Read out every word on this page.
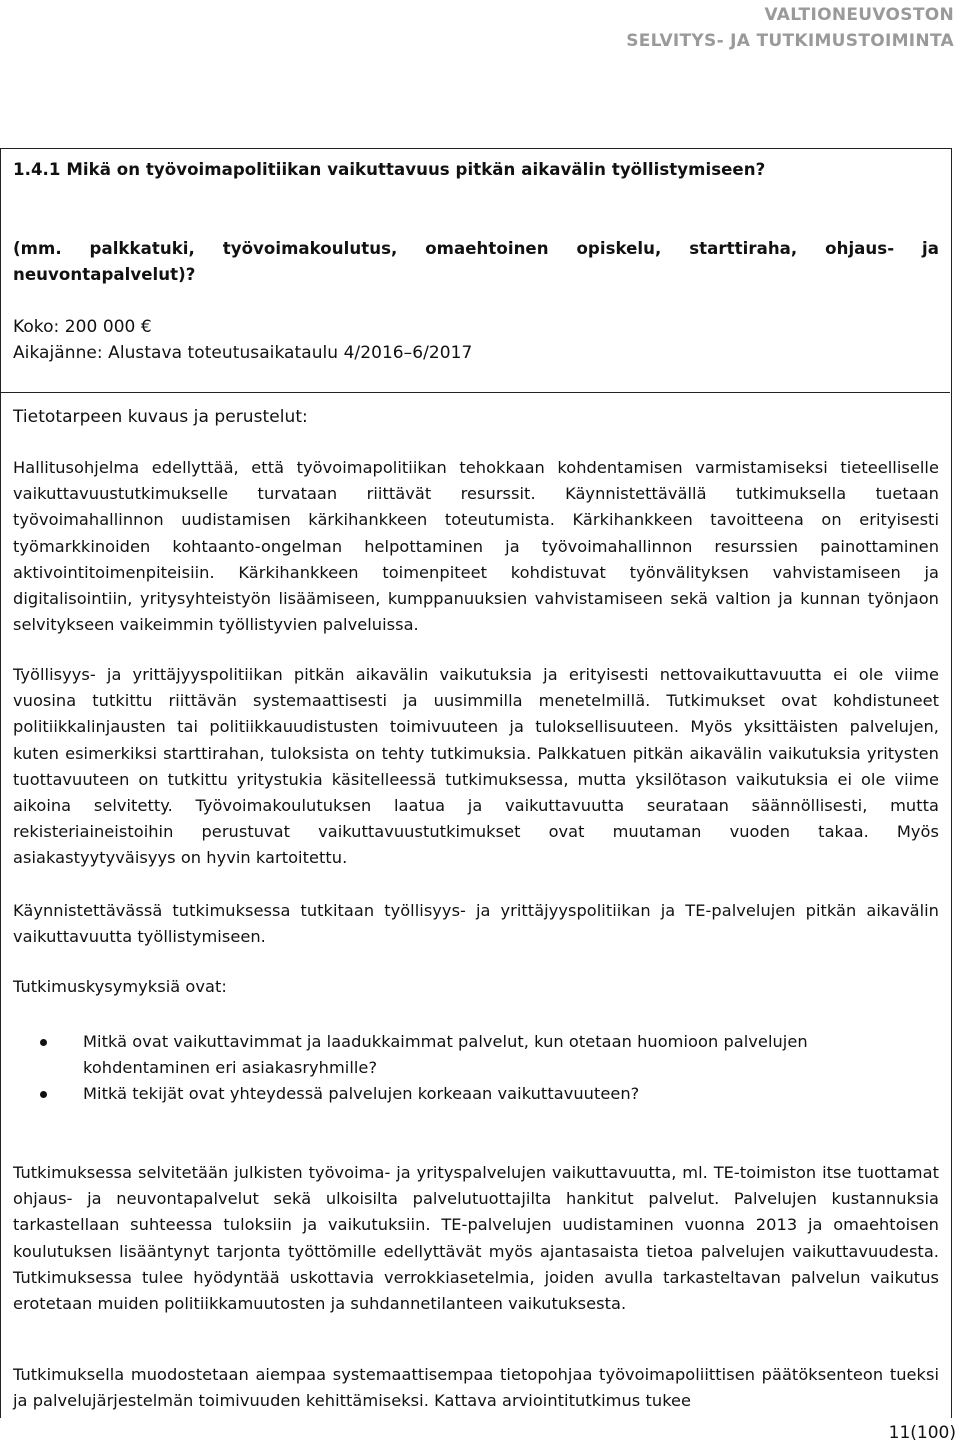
VALTIONEUVOSTON
SELVITYS- JA TUTKIMUSTOIMINTA
1.4.1 Mikä on työvoimapolitiikan vaikuttavuus pitkän aikavälin työllistymiseen?
(mm. palkkatuki, työvoimakoulutus, omaehtoinen opiskelu, starttiraha, ohjaus- ja neuvontapalvelut)?
Koko: 200 000 €
Aikajänne: Alustava toteutusaikataulu 4/2016–6/2017
Tietotarpeen kuvaus ja perustelut:

Hallitusohjelma edellyttää, että työvoimapolitiikan tehokkaan kohdentamisen varmistamiseksi tieteelliselle vaikuttavuustutkimukselle turvataan riittävät resurssit. Käynnistettävällä tutkimuksella tuetaan työvoimahallinnon uudistamisen kärkihankkeen toteutumista. Kärkihankkeen tavoitteena on erityisesti työmarkkinoiden kohtaanto-ongelman helpottaminen ja työvoimahallinnon resurssien painottaminen aktivointitoimenpiteisiin. Kärkihankkeen toimenpiteet kohdistuvat työnvälityksen vahvistamiseen ja digitalisointiin, yritysyhteistyön lisäämiseen, kumppanuuksien vahvistamiseen sekä valtion ja kunnan työnjaon selvitykseen vaikeimmin työllistyvien palveluissa.

Työllisyys- ja yrittäjyyspolitiikan pitkän aikavälin vaikutuksia ja erityisesti nettovaikuttavuutta ei ole viime vuosina tutkittu riittävän systemaattisesti ja uusimmilla menetelmillä. Tutkimukset ovat kohdistuneet politiikkalinjausten tai politiikkauudistusten toimivuuteen ja tuloksellisuuteen. Myös yksittäisten palvelujen, kuten esimerkiksi starttirahan, tuloksista on tehty tutkimuksia. Palkkatuen pitkän aikavälin vaikutuksia yritysten tuottavuuteen on tutkittu yritystukia käsitelleessä tutkimuksessa, mutta yksilötason vaikutuksia ei ole viime aikoina selvitetty. Työvoimakoulutuksen laatua ja vaikuttavuutta seurataan säännöllisesti, mutta rekisteriaineistoihin perustuvat vaikuttavuustutkimukset ovat muutaman vuoden takaa. Myös asiakastyytyväisyys on hyvin kartoitettu.

Käynnistettävässä tutkimuksessa tutkitaan työllisyys- ja yrittäjyyspolitiikan ja TE-palvelujen pitkän aikavälin vaikuttavuutta työllistymiseen.

Tutkimuskysymyksiä ovat:

Mitkä ovat vaikuttavimmat ja laadukkaimmat palvelut, kun otetaan huomioon palvelujen kohdentaminen eri asiakasryhmille?
Mitkä tekijät ovat yhteydessä palvelujen korkeaan vaikuttavuuteen?

Tutkimuksessa selvitetään julkisten työvoima- ja yrityspalvelujen vaikuttavuutta, ml. TE-toimiston itse tuottamat ohjaus- ja neuvontapalvelut sekä ulkoisilta palvelutuottajilta hankitut palvelut. Palvelujen kustannuksia tarkastellaan suhteessa tuloksiin ja vaikutuksiin. TE-palvelujen uudistaminen vuonna 2013 ja omaehtoisen koulutuksen lisääntynyt tarjonta työttömille edellyttävät myös ajantasaista tietoa palvelujen vaikuttavuudesta. Tutkimuksessa tulee hyödyntää uskottavia verrokkiasetelmia, joiden avulla tarkasteltavan palvelun vaikutus erotetaan muiden politiikkamuutosten ja suhdannetilanteen vaikutuksesta.

Tutkimuksella muodostetaan aiempaa systemaattisempaa tietopohjaa työvoimapoliittisen päätöksenteon tueksi ja palvelujärjestelmän toimivuuden kehittämiseksi. Kattava arviointitutkimus tukee

11(100)
